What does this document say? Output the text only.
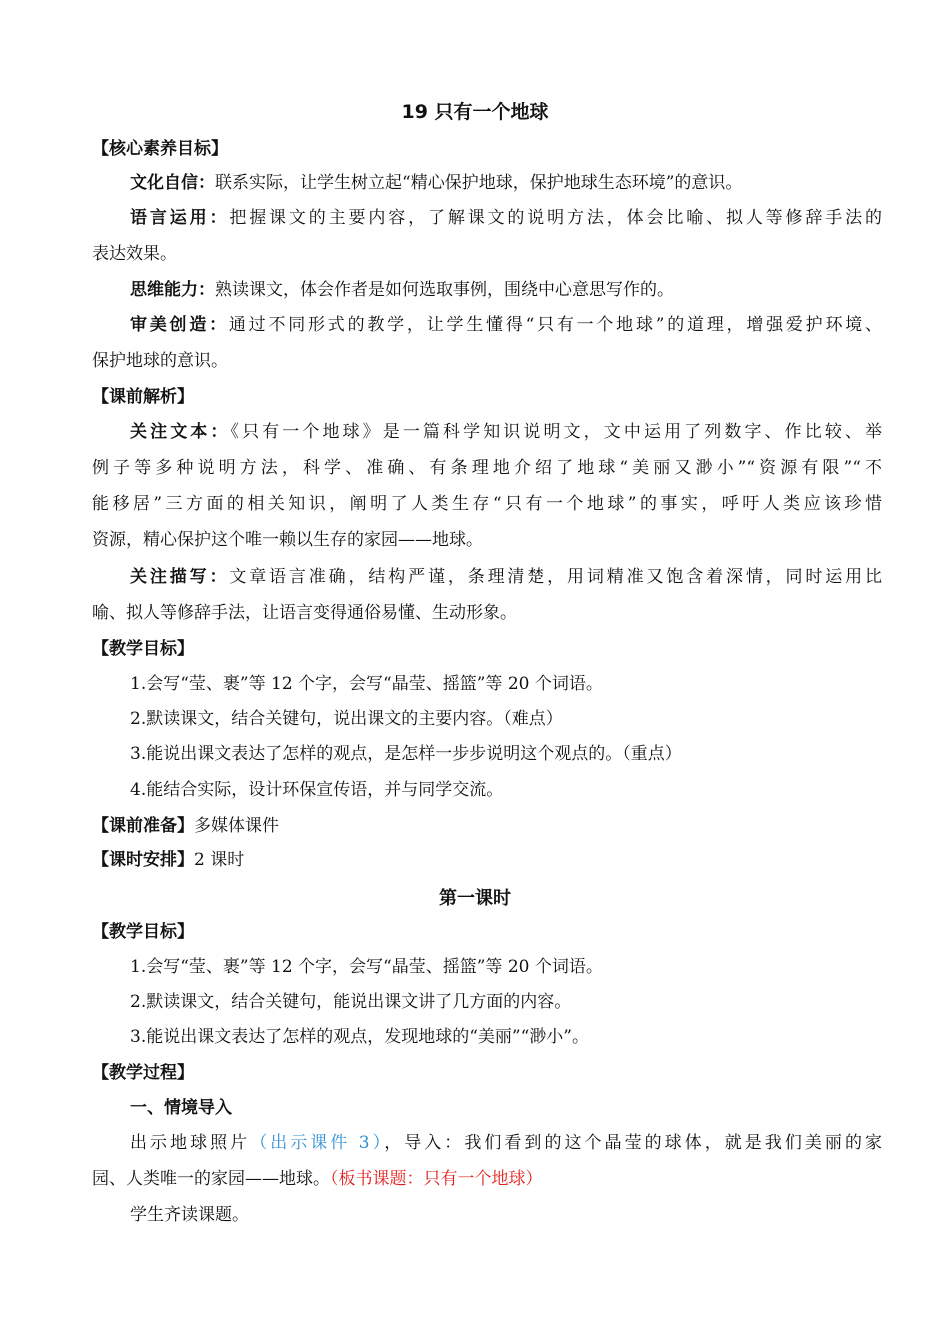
19 只有一个地球
【核心素养目标】
文化自信：联系实际，让学生树立起“精心保护地球，保护地球生态环境”的意识。
语言运用：把握课文的主要内容，了解课文的说明方法，体会比喻、拟人等修辞手法的
表达效果。
思维能力：熟读课文，体会作者是如何选取事例，围绕中心意思写作的。
审美创造：通过不同形式的教学，让学生懂得“只有一个地球”的道理，增强爱护环境、
保护地球的意识。
【课前解析】
关注文本：《只有一个地球》是一篇科学知识说明文，文中运用了列数字、作比较、举
例子等多种说明方法，科学、准确、有条理地介绍了地球“美丽又渺小”“资源有限”“不
能移居”三方面的相关知识，阐明了人类生存“只有一个地球”的事实，呼吁人类应该珍惜
资源，精心保护这个唯一赖以生存的家园——地球。
关注描写：文章语言准确，结构严谨，条理清楚，用词精准又饱含着深情，同时运用比
喻、拟人等修辞手法，让语言变得通俗易懂、生动形象。
【教学目标】
1.会写“莹、裹”等 12 个字，会写“晶莹、摇篮”等 20 个词语。
2.默读课文，结合关键句，说出课文的主要内容。（难点）
3.能说出课文表达了怎样的观点，是怎样一步步说明这个观点的。（重点）
4.能结合实际，设计环保宣传语，并与同学交流。
【课前准备】多媒体课件
【课时安排】2 课时
第一课时
【教学目标】
1.会写“莹、裹”等 12 个字，会写“晶莹、摇篮”等 20 个词语。
2.默读课文，结合关键句，能说出课文讲了几方面的内容。
3.能说出课文表达了怎样的观点，发现地球的“美丽”“渺小”。
【教学过程】
一、情境导入
出示地球照片（出示课件 3），导入：我们看到的这个晶莹的球体，就是我们美丽的家
园、人类唯一的家园——地球。（板书课题：只有一个地球）
学生齐读课题。
